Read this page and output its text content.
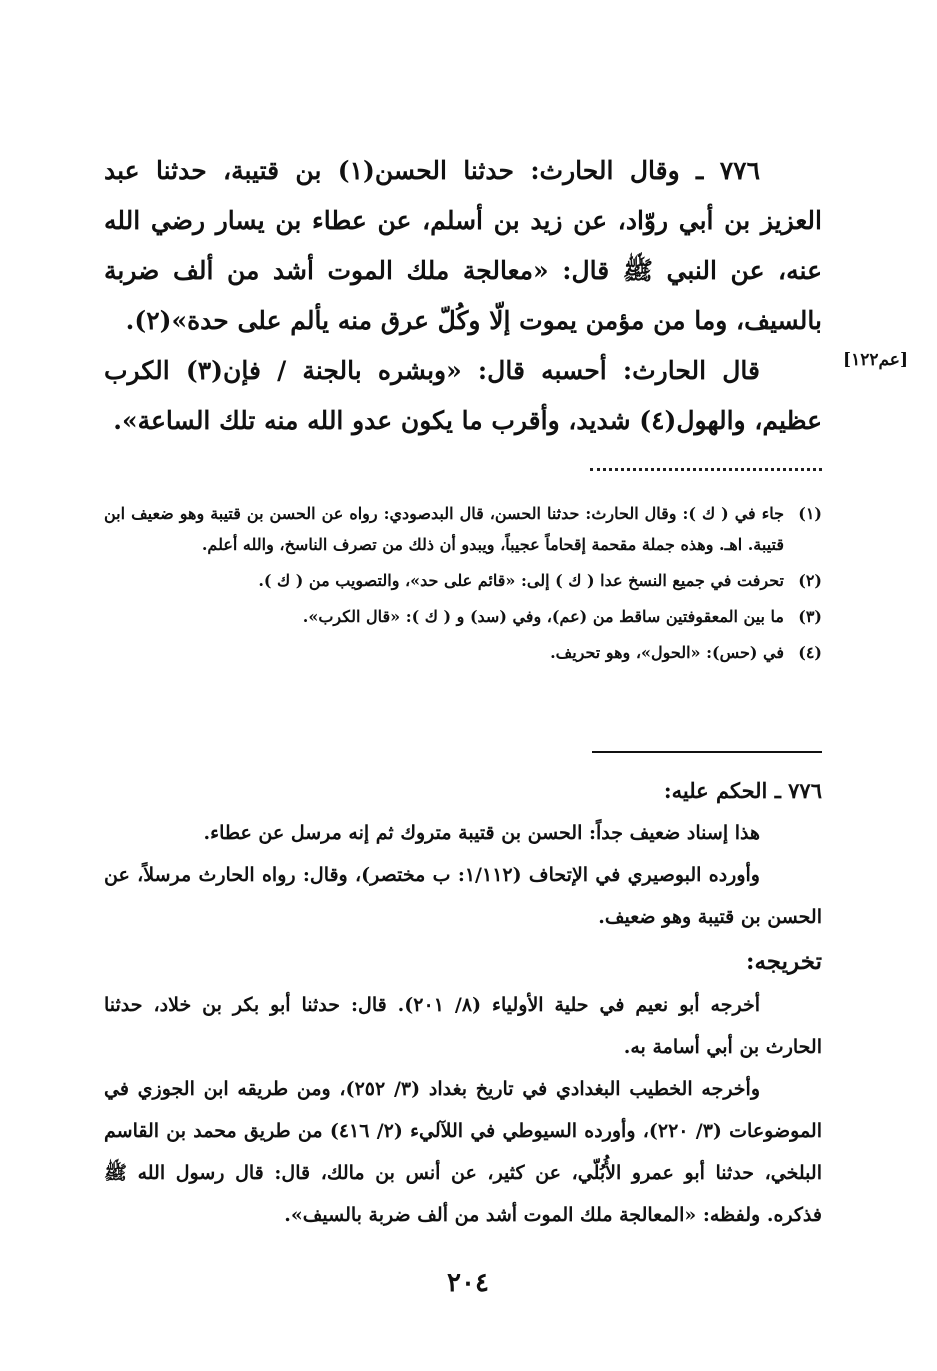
٧٧٦ ـ وقال الحارث: حدثنا الحسن(١) بن قتيبة، حدثنا عبد العزيز بن أبي روّاد، عن زيد بن أسلم، عن عطاء بن يسار رضي الله عنه، عن النبي ﷺ قال: «معالجة ملك الموت أشد من ألف ضربة بالسيف، وما من مؤمن يموت إلّا وكُلّ عرق منه يألم على حدة»(٢).

قال الحارث: أحسبه قال: «وبشره بالجنة / فإن(٣) الكرب عظيم، والهول(٤) شديد، وأقرب ما يكون عدو الله منه تلك الساعة».

[عم١٢٢]
(١)
جاء في ( ك ): وقال الحارث: حدثنا الحسن، قال البدصودي: رواه عن الحسن بن قتيبة وهو ضعيف ابن قتيبة. اهـ. وهذه جملة مقحمة إقحاماً عجيباً، ويبدو أن ذلك من تصرف الناسخ، والله أعلم.
(٢)
تحرفت في جميع النسخ عدا ( ك ) إلى: «قائم على حد»، والتصويب من ( ك ).
(٣)
ما بين المعقوفتين ساقط من (عم)، وفي (سد) و ( ك ): «قال الكرب».
(٤)
في (حس): «الحول»، وهو تحريف.

٧٧٦ ـ الحكم عليه:

هذا إسناد ضعيف جداً: الحسن بن قتيبة متروك ثم إنه مرسل عن عطاء.

وأورده البوصيري في الإتحاف (١/١١٢: ب مختصر)، وقال: رواه الحارث مرسلاً، عن الحسن بن قتيبة وهو ضعيف.

تخريجه:

أخرجه أبو نعيم في حلية الأولياء (٨/ ٢٠١). قال: حدثنا أبو بكر بن خلاد، حدثنا الحارث بن أبي أسامة به.

وأخرجه الخطيب البغدادي في تاريخ بغداد (٣/ ٢٥٢)، ومن طريقه ابن الجوزي في الموضوعات (٣/ ٢٢٠)، وأورده السيوطي في اللآليء (٢/ ٤١٦) من طريق محمد بن القاسم البلخي، حدثنا أبو عمرو الأُبُلّي، عن كثير، عن أنس بن مالك، قال: قال رسول الله ﷺ فذكره. ولفظه: «المعالجة ملك الموت أشد من ألف ضربة بالسيف».

٢٠٤
